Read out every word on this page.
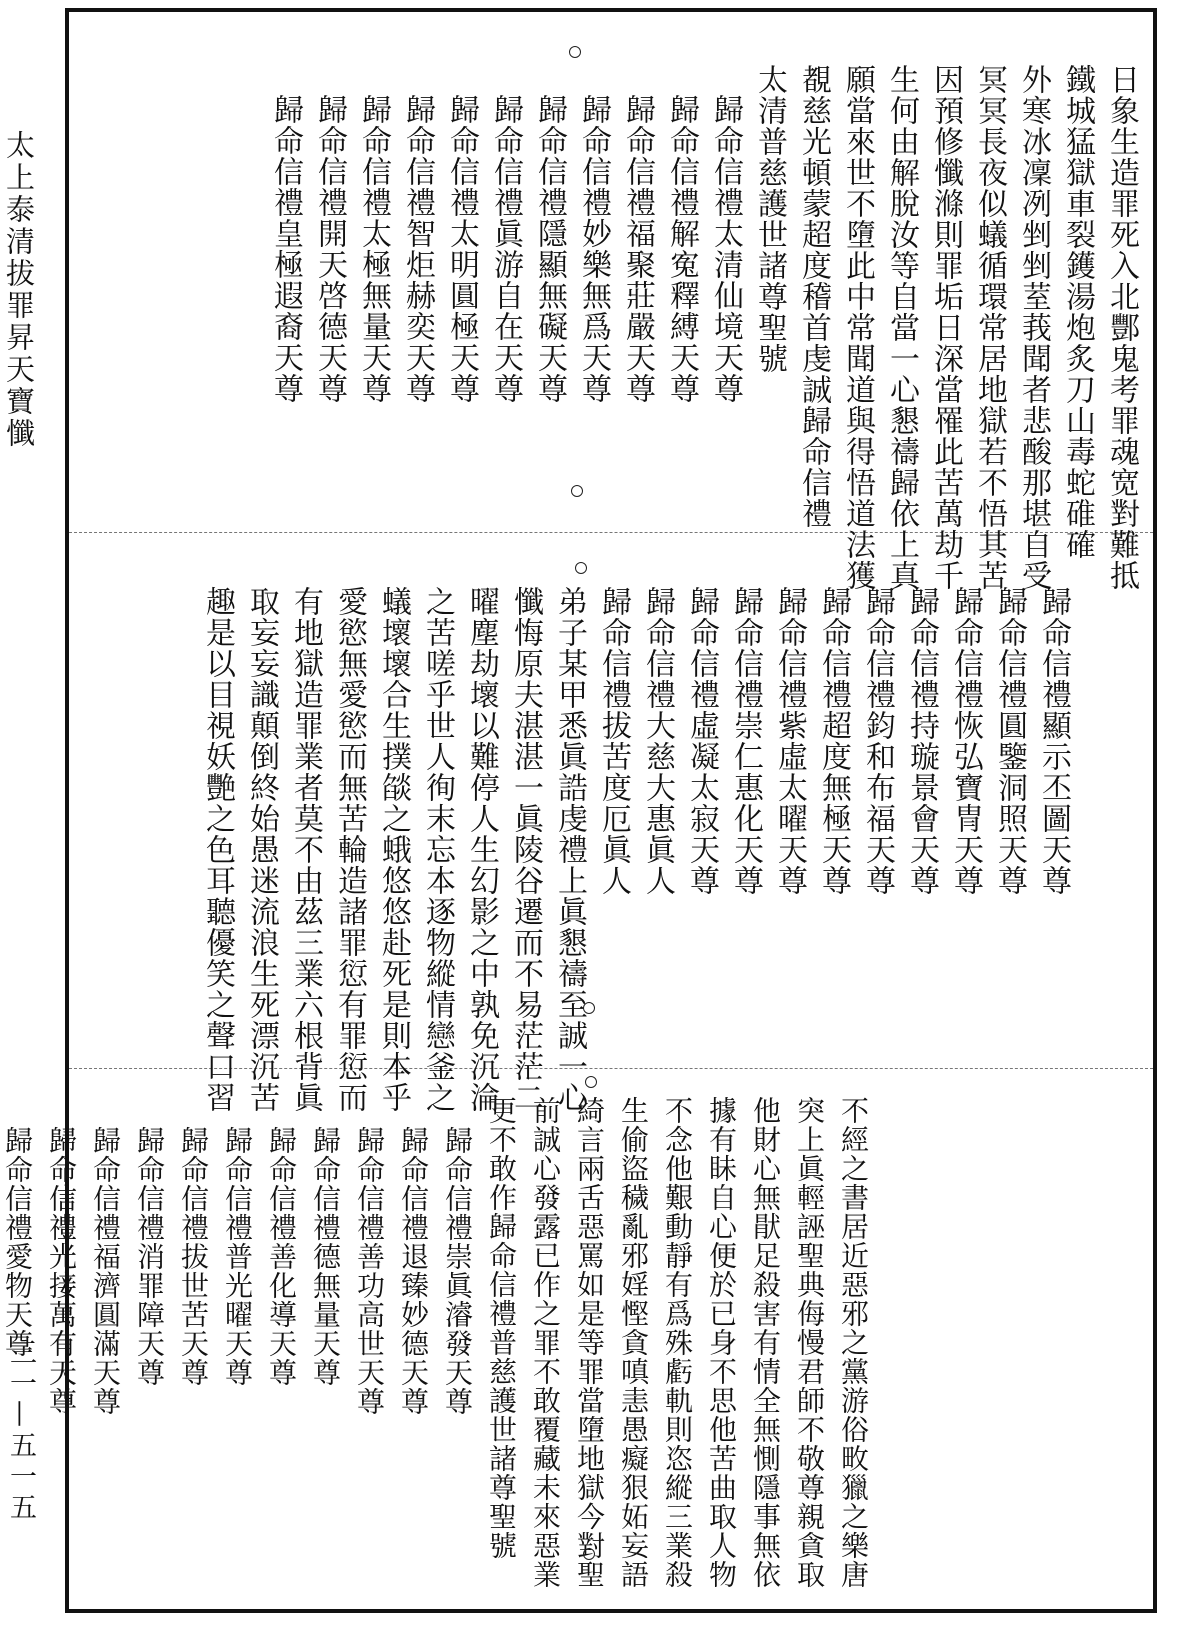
太上泰清拔罪昇天寶懺
三一—五一五
日象生造罪死入北酆鬼考罪魂宽對難抵
鐵城猛獄車裂鑊湯炮炙刀山毒蛇碓確
外寒冰凜冽剉剉荎莪聞者悲酸那堪自受
冥冥長夜似蟻循環常居地獄若不悟其苦
因預修懺滌則罪垢日深當罹此苦萬劫千
生何由解脫汝等自當一心懇禱歸依上真
願當來世不墮此中常聞道與得悟道法獲
覩慈光頓蒙超度稽首虔誠歸命信禮
太清普慈護世諸尊聖號
歸命信禮太清仙境天尊
歸命信禮解寃釋縛天尊
歸命信禮福聚莊嚴天尊
歸命信禮妙樂無爲天尊
歸命信禮隱顯無礙天尊
歸命信禮眞游自在天尊
歸命信禮太明圓極天尊
歸命信禮智炬赫奕天尊
歸命信禮太極無量天尊
歸命信禮開天啓德天尊
歸命信禮皇極遐裔天尊
歸命信禮顯示丕圖天尊
歸命信禮圓鑒洞照天尊
歸命信禮恢弘寶冑天尊
歸命信禮持璇景會天尊
歸命信禮鈞和布福天尊
歸命信禮超度無極天尊
歸命信禮紫虛太曜天尊
歸命信禮崇仁惠化天尊
歸命信禮虛凝太寂天尊
歸命信禮大慈大惠眞人
歸命信禮拔苦度厄眞人
弟子某甲悉眞誥虔禮上眞懇禱至誠一心
懺悔原夫湛湛一眞陵谷遷而不易茫茫二
曜塵劫壞以難停人生幻影之中孰免沉淪
之苦嗟乎世人徇末忘本逐物縱情戀釜之
蟻壞壞合生撲燄之蛾悠悠赴死是則本乎
愛慾無愛慾而無苦輪造諸罪愆有罪愆而
有地獄造罪業者莫不由茲三業六根背眞
取妄妄識顛倒終始愚迷流浪生死漂沉苦
趣是以目視妖艷之色耳聽優笑之聲口習
不經之書居近惡邪之黨游俗畋獵之樂唐
突上眞輕誣聖典侮慢君師不敬尊親貪取
他財心無猒足殺害有情全無惻隱事無依
據有眛自心便於已身不思他苦曲取人物
不念他艱動靜有爲殊虧軌則恣縱三業殺
生偷盜穢亂邪婬慳貪嗔恚愚癡狠妬妄語
綺言兩舌惡罵如是等罪當墮地獄今對聖
前誠心發露已作之罪不敢覆藏未來惡業
更不敢作歸命信禮普慈護世諸尊聖號
歸命信禮崇眞濬發天尊
歸命信禮退臻妙德天尊
歸命信禮善功高世天尊
歸命信禮德無量天尊
歸命信禮善化導天尊
歸命信禮普光曜天尊
歸命信禮拔世苦天尊
歸命信禮消罪障天尊
歸命信禮福濟圓滿天尊
歸命信禮光接萬有天尊
歸命信禮愛物天尊
